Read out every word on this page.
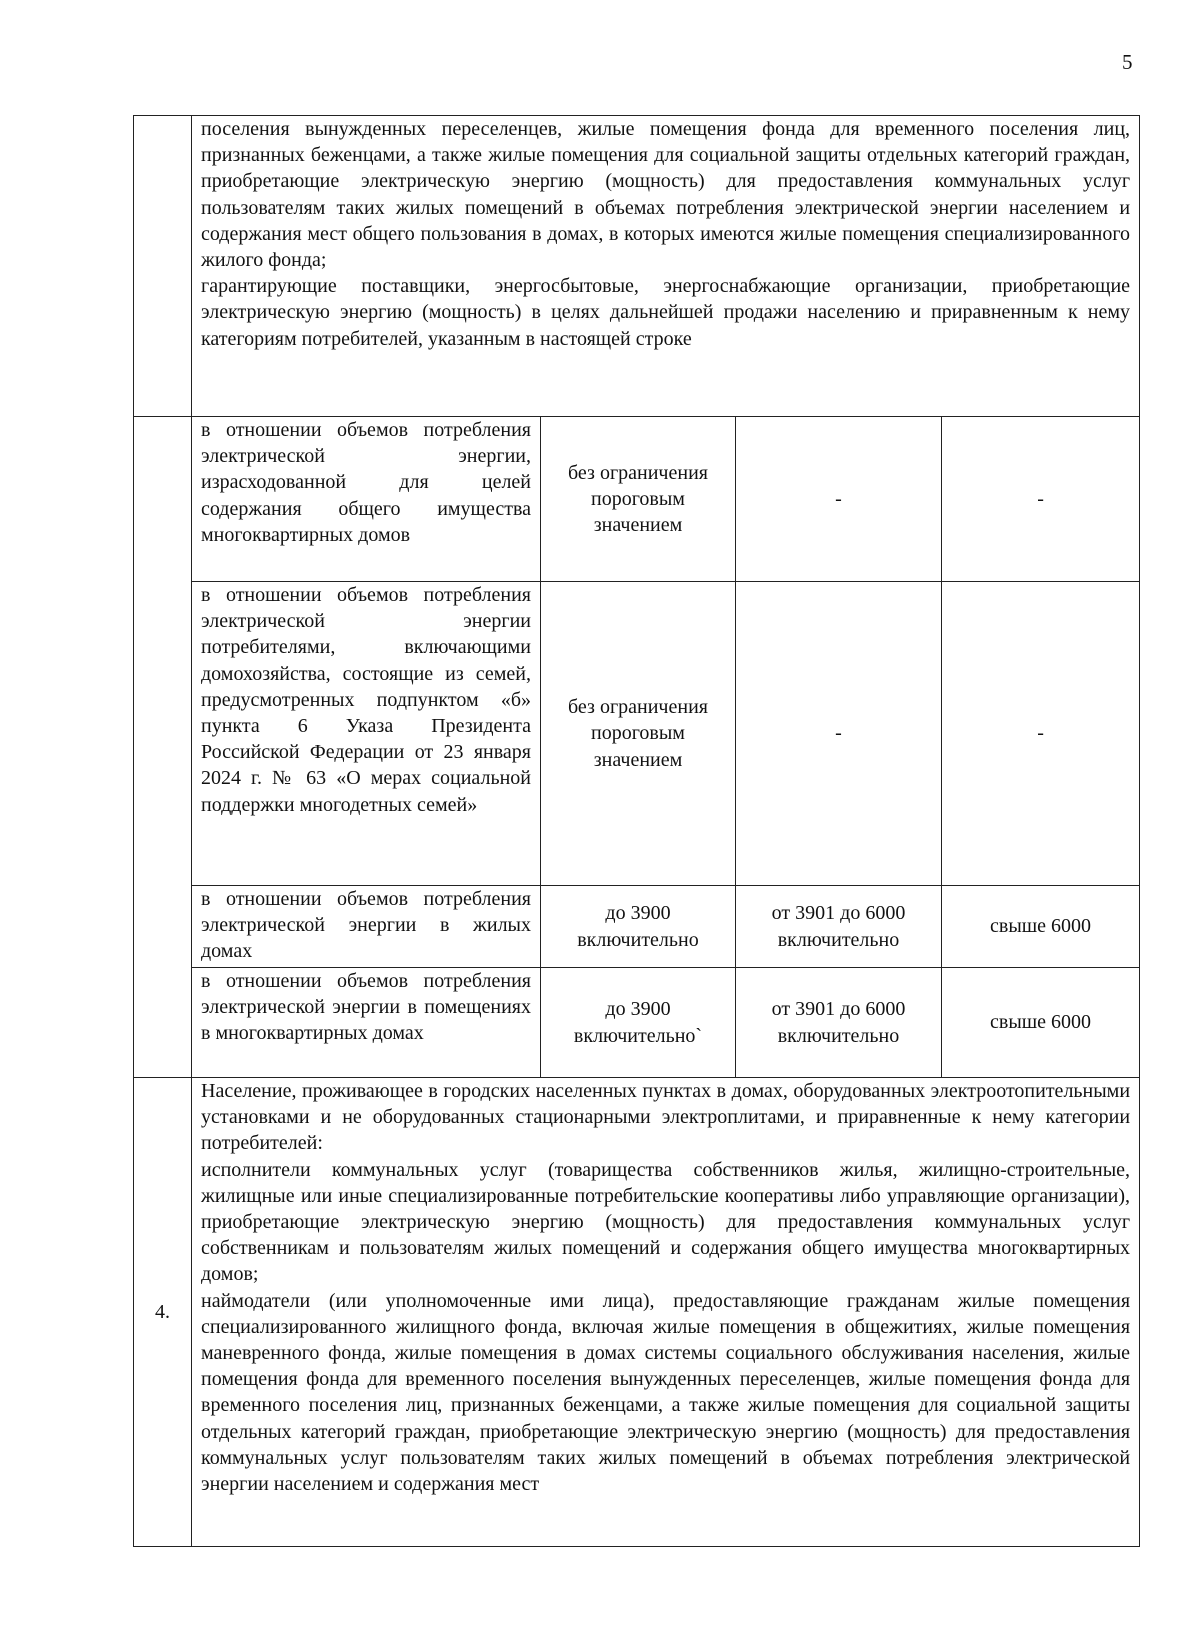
5

	поселения вынужденных переселенцев, жилые помещения фонда для временного поселения лиц, признанных беженцами, а также жилые помещения для социальной защиты отдельных категорий граждан, приобретающие электрическую энергию (мощность) для предоставления коммунальных услуг пользователям таких жилых помещений в объемах потребления электрической энергии населением и содержания мест общего пользования в домах, в которых имеются жилые помещения специализированного жилого фонда;
гарантирующие поставщики, энергосбытовые, энергоснабжающие организации, приобретающие электрическую энергию (мощность) в целях дальнейшей продажи населению и приравненным к нему категориям потребителей, указанным в настоящей строке			

	в отношении объемов потребления электрической энергии, израсходованной для целей содержания общего имущества многоквартирных домов	без ограничения пороговым значением	-	-
	в отношении объемов потребления электрической энергии потребителями, включающими домохозяйства, состоящие из семей, предусмотренных подпунктом «б» пункта 6 Указа Президента Российской Федерации от 23 января 2024 г. № 63 «О мерах социальной поддержки многодетных семей»	без ограничения пороговым значением	-	-
	в отношении объемов потребления электрической энергии в жилых домах	до 3900 включительно	от 3901 до 6000 включительно	свыше 6000
	в отношении объемов потребления электрической энергии в помещениях в многоквартирных домах	до 3900 включительно`	от 3901 до 6000 включительно	свыше 6000
4.	Население, проживающее в городских населенных пунктах в домах, оборудованных электроотопительными установками и не оборудованных стационарными электроплитами, и приравненные к нему категории потребителей:
исполнители коммунальных услуг (товарищества собственников жилья, жилищно-строительные, жилищные или иные специализированные потребительские кооперативы либо управляющие организации), приобретающие электрическую энергию (мощность) для предоставления коммунальных услуг собственникам и пользователям жилых помещений и содержания общего имущества многоквартирных домов;
наймодатели (или уполномоченные ими лица), предоставляющие гражданам жилые помещения специализированного жилищного фонда, включая жилые помещения в общежитиях, жилые помещения маневренного фонда, жилые помещения в домах системы социального обслуживания населения, жилые помещения фонда для временного поселения вынужденных переселенцев, жилые помещения фонда для временного поселения лиц, признанных беженцами, а также жилые помещения для социальной защиты отдельных категорий граждан, приобретающие электрическую энергию (мощность) для предоставления коммунальных услуг пользователям таких жилых помещений в объемах потребления электрической энергии населением и содержания мест			
